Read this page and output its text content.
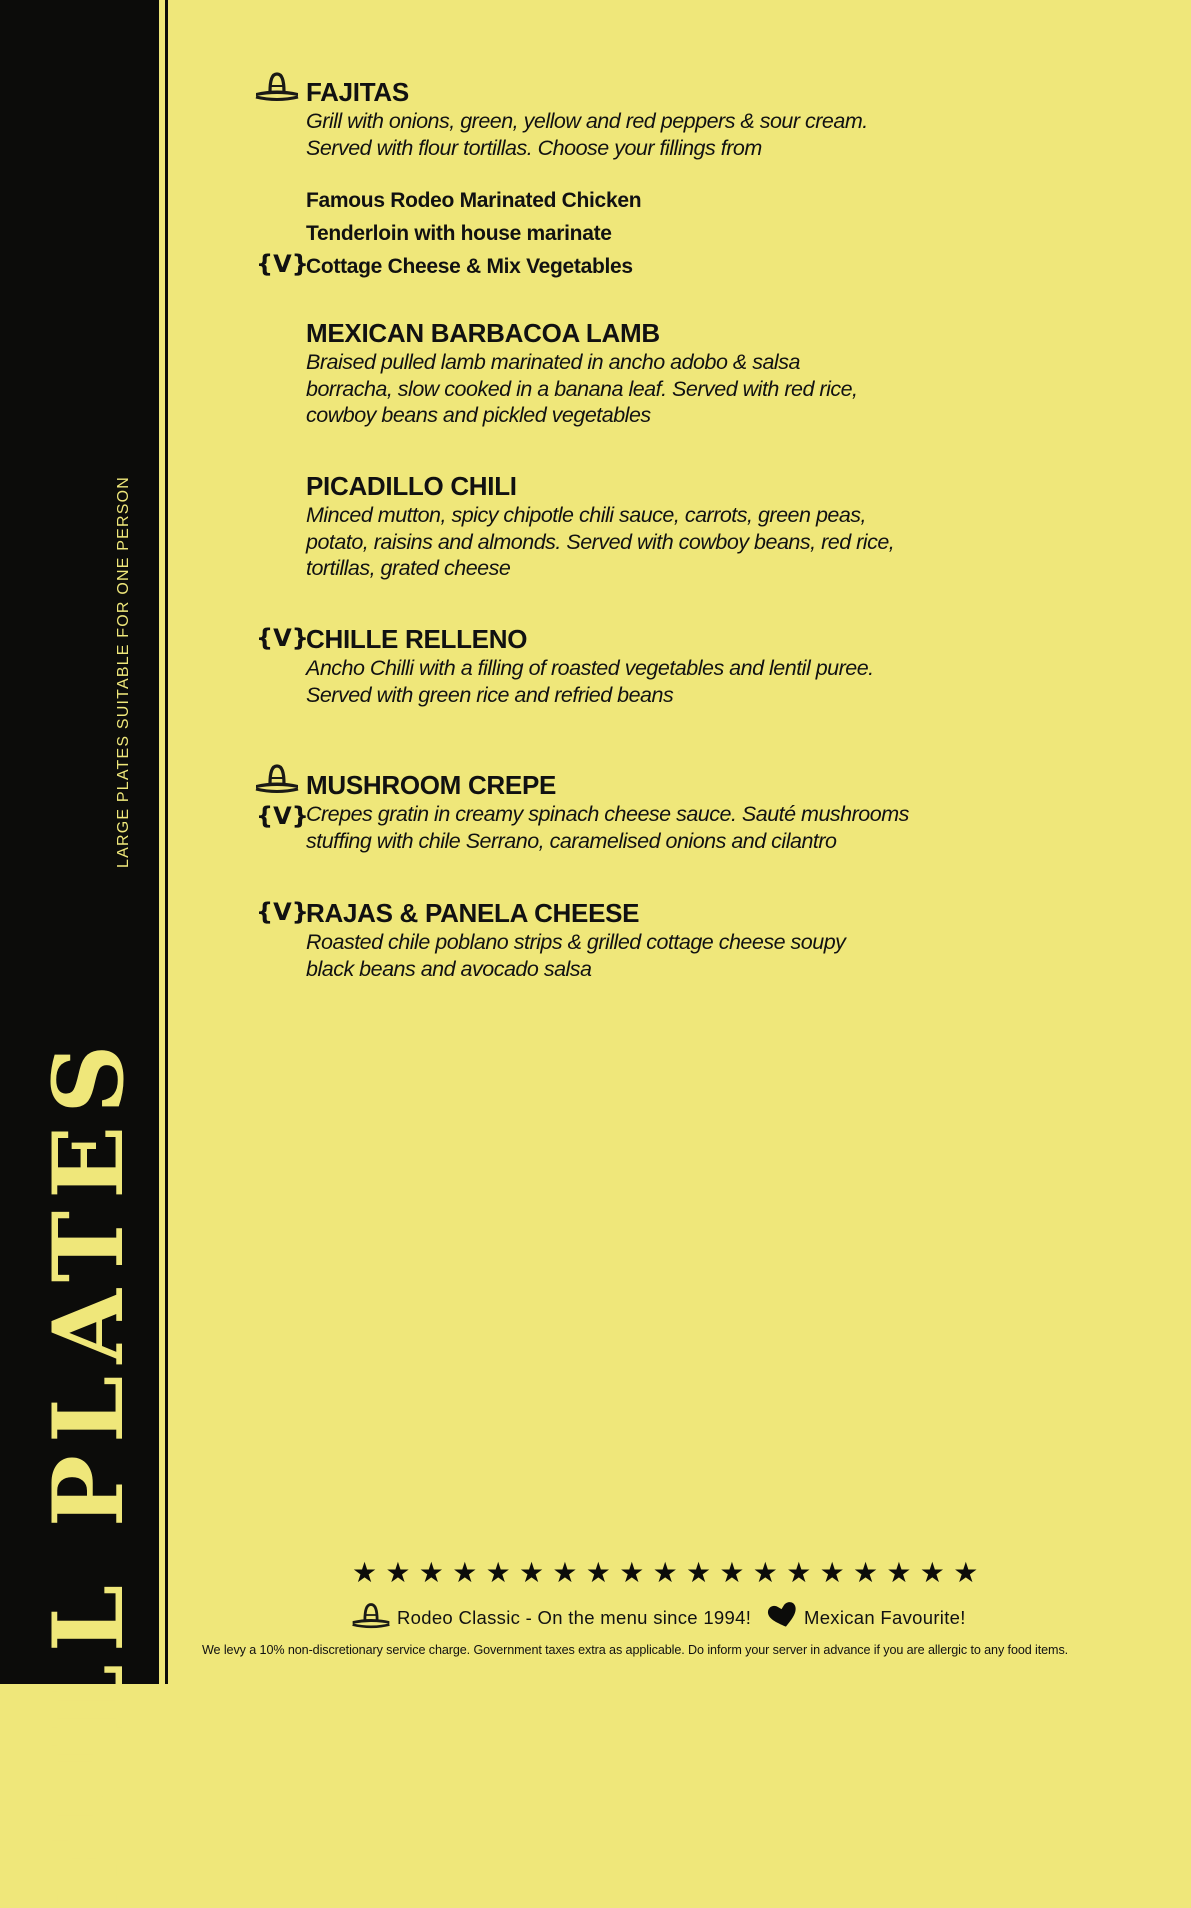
FULL PLATES
LARGE PLATES SUITABLE FOR ONE PERSON
FAJITAS
Grill with onions, green, yellow and red peppers & sour cream.
Served with flour tortillas. Choose your fillings from
Famous Rodeo Marinated Chicken
Tenderloin with house marinate
{V}
Cottage Cheese & Mix Vegetables
MEXICAN BARBACOA LAMB
Braised pulled lamb marinated in ancho adobo & salsa
borracha, slow cooked in a banana leaf. Served with red rice,
cowboy beans and pickled vegetables
PICADILLO CHILI
Minced mutton, spicy chipotle chili sauce, carrots, green peas,
potato, raisins and almonds. Served with cowboy beans, red rice,
tortillas, grated cheese
{V}
CHILLE RELLENO
Ancho Chilli with a filling of roasted vegetables and lentil puree.
Served with green rice and refried beans
{V}
MUSHROOM CREPE
Crepes gratin in creamy spinach cheese sauce. Sauté mushrooms
stuffing with chile Serrano, caramelised onions and cilantro
{V}
RAJAS & PANELA CHEESE
Roasted chile poblano strips & grilled cottage cheese soupy
black beans and avocado salsa
★ ★ ★ ★ ★ ★ ★ ★ ★ ★ ★ ★ ★ ★ ★ ★ ★ ★ ★
Rodeo Classic - On the menu since 1994!	Mexican Favourite!
We levy a 10% non-discretionary service charge. Government taxes extra as applicable. Do inform your server in advance if you are allergic to any food items.
